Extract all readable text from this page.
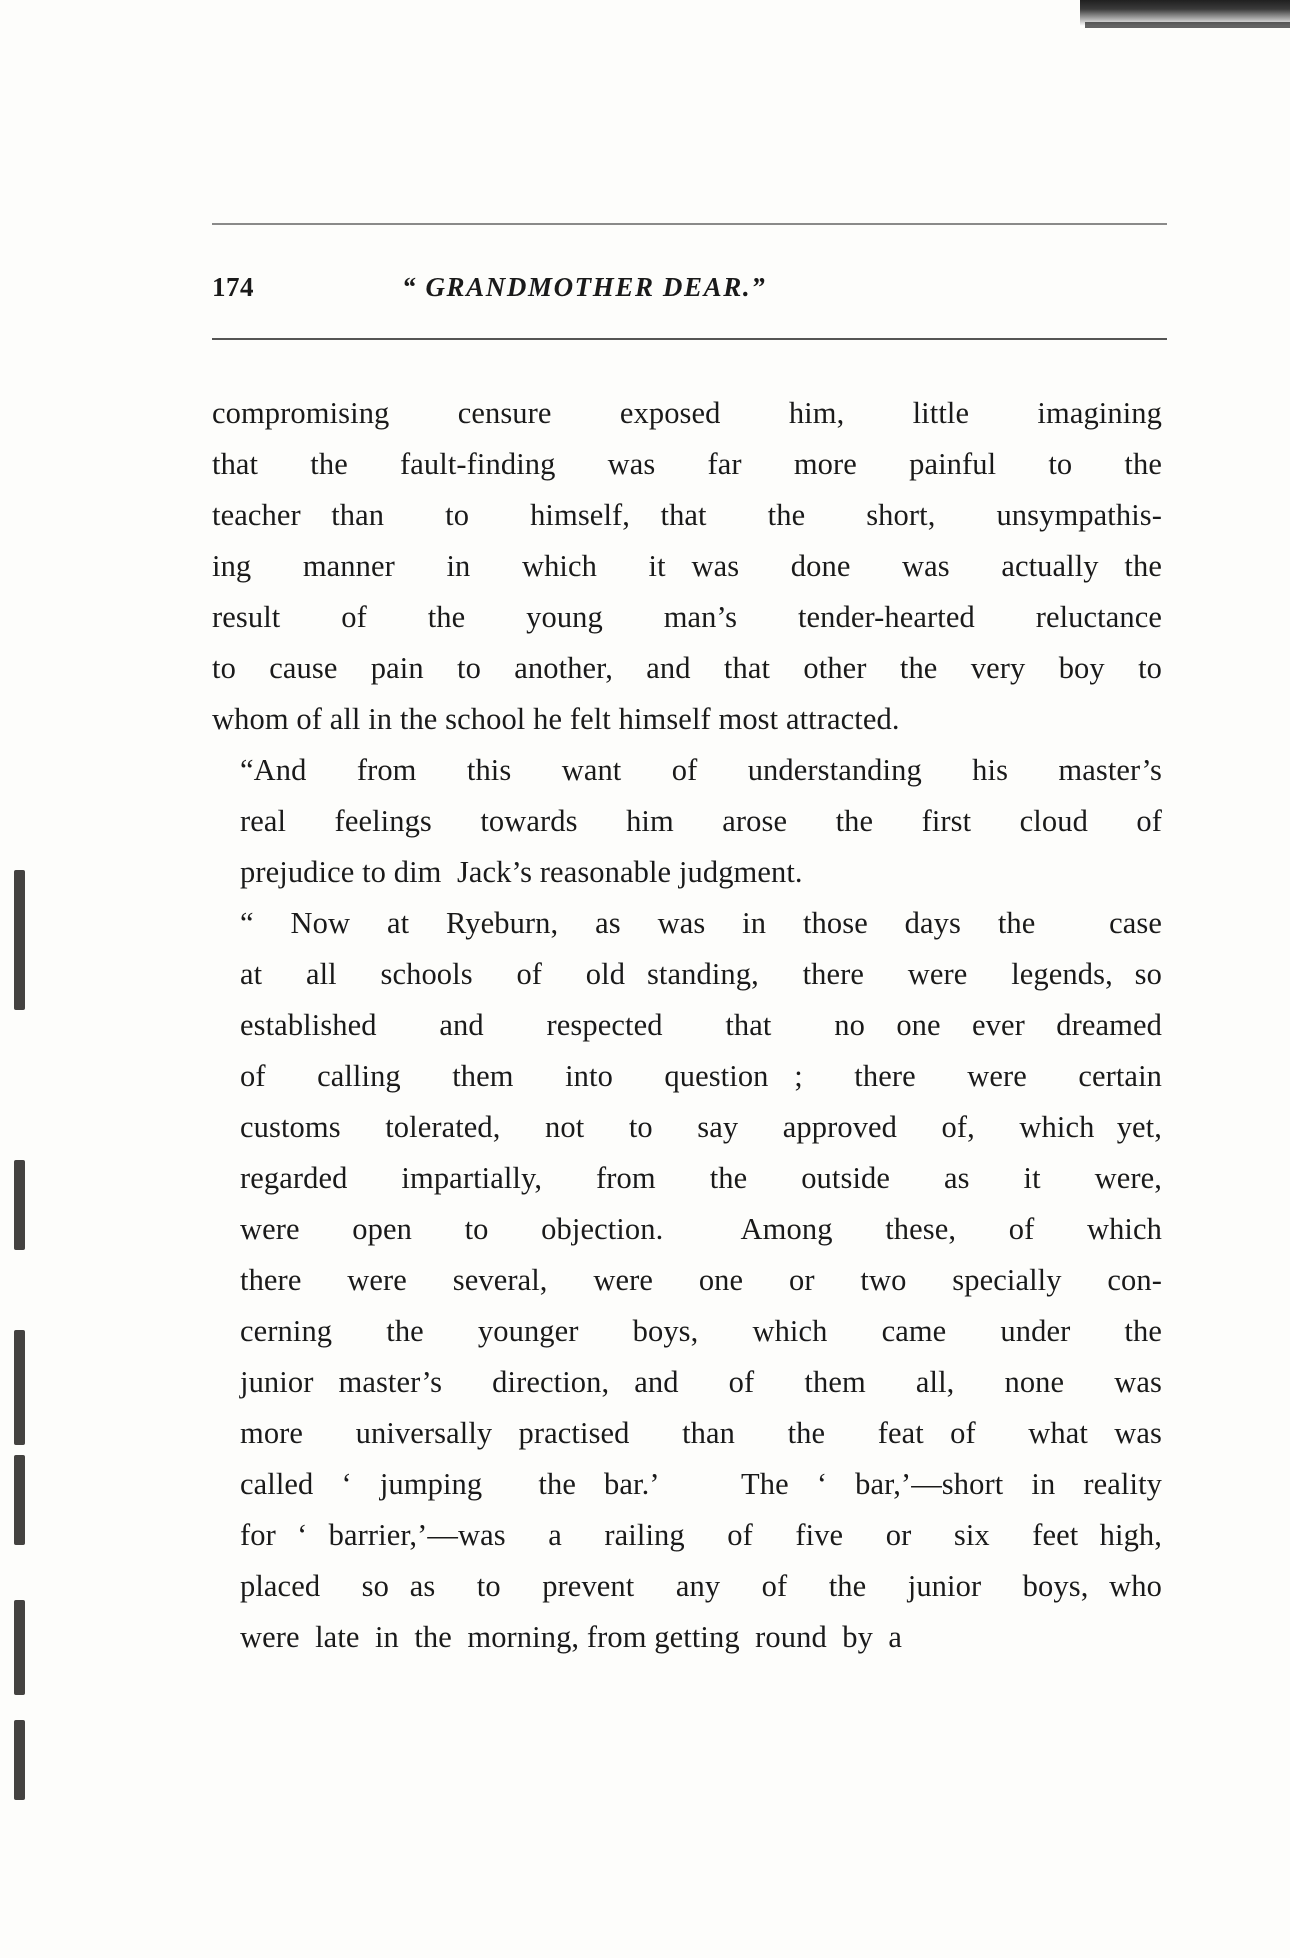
174	“ GRANDMOTHER DEAR.”

compromising  censure  exposed  him,  little  imagining
that  the  fault-finding  was  far  more  painful  to  the
teacher than  to  himself, that  the  short,  unsympathis-
ing  manner  in  which  it was  done  was  actually the
result  of  the  young  man’s  tender-hearted  reluctance
to cause pain to another, and that other the very boy to
whom of all in the school he felt himself most attracted.

“And from this want of understanding his master’s
real  feelings  towards  him  arose  the  first  cloud  of
prejudice to dim  Jack’s reasonable judgment.

“ Now at Ryeburn, as was in those days the  case
at  all  schools  of  old standing,  there  were  legends, so
established  and  respected  that  no one ever dreamed
of  calling  them  into  question ;  there  were  certain
customs  tolerated,  not  to  say  approved  of,  which yet,
regarded  impartially,  from  the  outside  as  it  were,
were  open  to  objection.   Among  these,  of  which
there  were  several,  were  one  or  two  specially  con-
cerning  the  younger  boys,  which  came  under  the
junior master’s  direction, and  of  them  all,  none  was
more  universally practised  than  the  feat of  what was
called ‘ jumping  the bar.’   The ‘ bar,’—short in reality
for ‘ barrier,’—was  a  railing  of  five  or  six  feet high,
placed  so as  to  prevent  any  of  the  junior  boys, who
were  late  in  the  morning, from getting  round  by  a
